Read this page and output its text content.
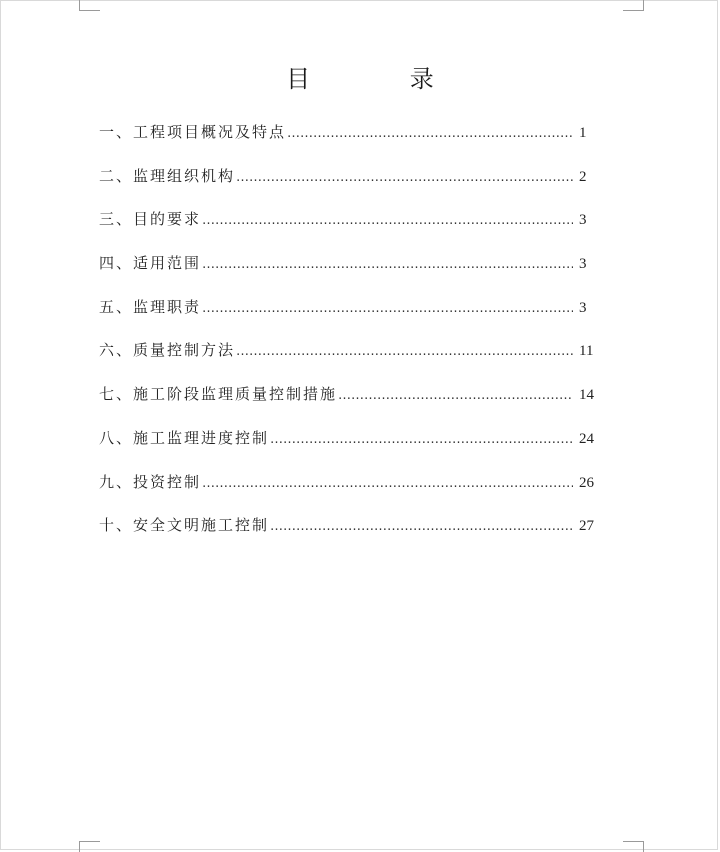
目 录
一、工程项目概况及特点 ……………………………………………………………………………………………………………………………………………………	1
二、监理组织机构 ……………………………………………………………………………………………………………………………………………………	2
三、目的要求 ……………………………………………………………………………………………………………………………………………………	3
四、适用范围 ……………………………………………………………………………………………………………………………………………………	3
五、监理职责 ……………………………………………………………………………………………………………………………………………………	3
六、质量控制方法 ……………………………………………………………………………………………………………………………………………………	11
七、施工阶段监理质量控制措施 ……………………………………………………………………………………………………………………………………………………	14
八、施工监理进度控制 ……………………………………………………………………………………………………………………………………………………	24
九、投资控制 ……………………………………………………………………………………………………………………………………………………	26
十、安全文明施工控制 ……………………………………………………………………………………………………………………………………………………	27
